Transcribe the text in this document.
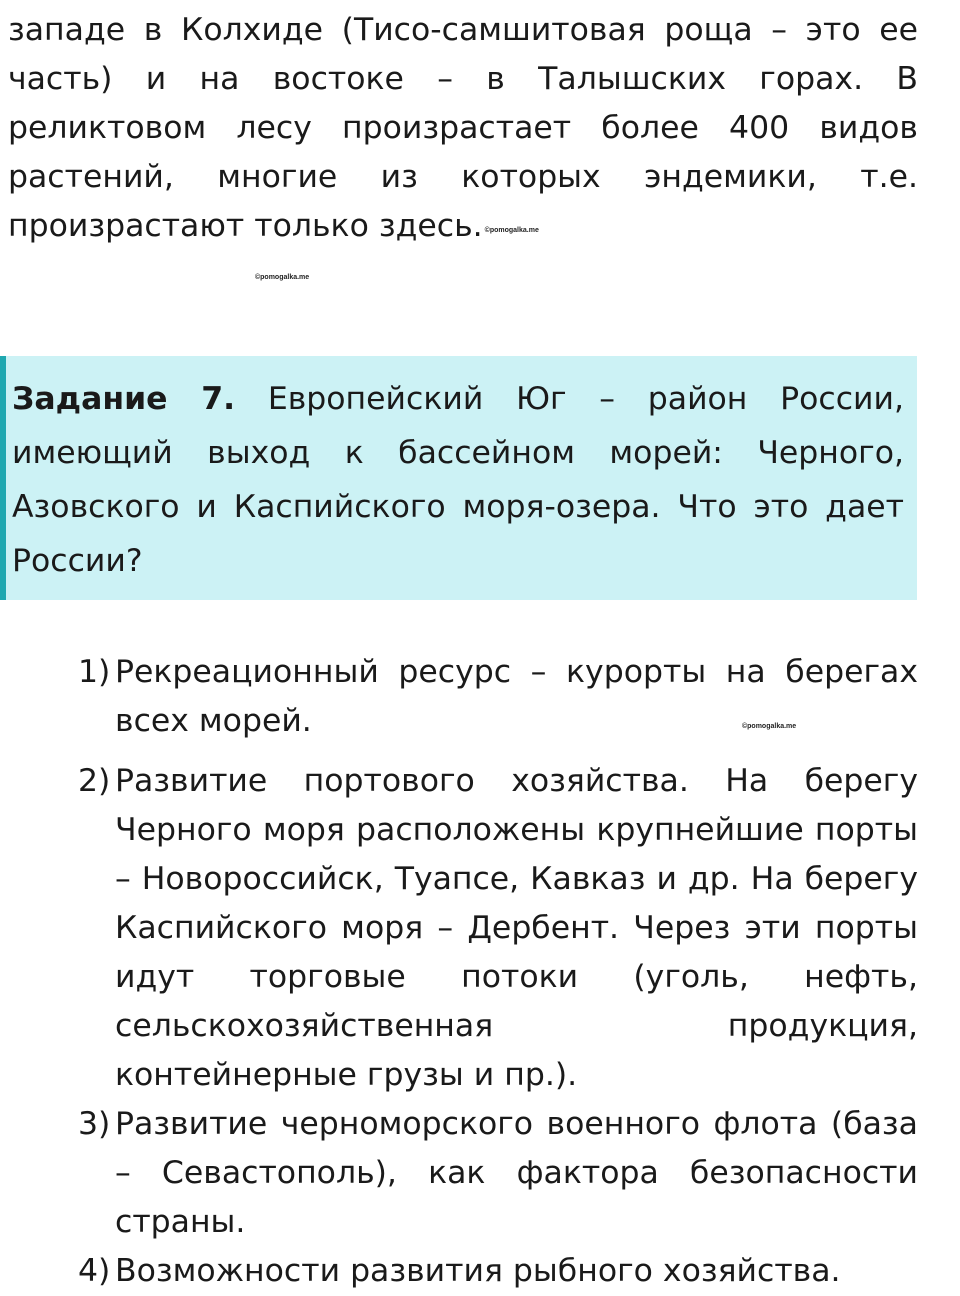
западе в Колхиде (Тисо-самшитовая роща – это ее часть) и на востоке – в Талышских горах. В реликтовом лесу произрастает более 400 видов растений, многие из которых эндемики, т.е. произрастают только здесь. ©pomogalka.me

©pomogalka.me

Задание 7. Европейский Юг – район России, имеющий выход к бассейном морей: Черного, Азовского и Каспийского моря-озера. Что это дает России?

1) Рекреационный ресурс – курорты на берегах всех морей.
2) Развитие портового хозяйства. На берегу Черного моря расположены крупнейшие порты – Новороссийск, Туапсе, Кавказ и др. На берегу Каспийского моря – Дербент. Через эти порты идут торговые потоки (уголь, нефть, сельскохозяйственная продукция, контейнерные грузы и пр.).
3) Развитие черноморского военного флота (база – Севастополь), как фактора безопасности страны.
4) Возможности развития рыбного хозяйства.
©pomogalka.me
